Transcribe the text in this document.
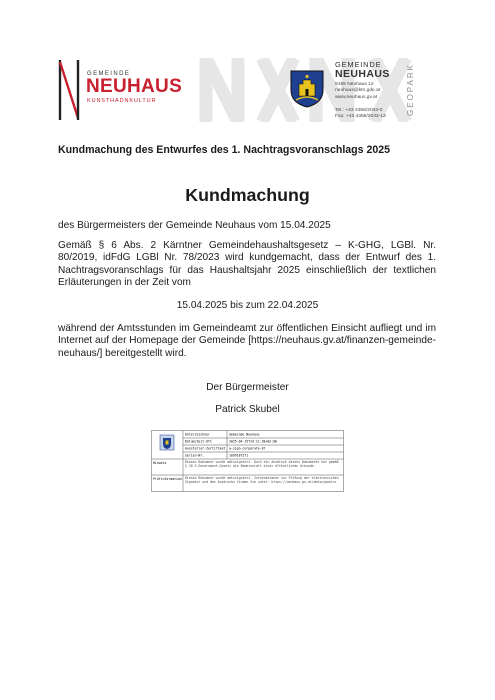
GEMEINDE
NEUHAUS
KUNSTHADNKULTUR
GEMEINDE
NEUHAUS
9155 Neuhaus 12
neuhaus@ktn.gde.at
www.neuhaus.gv.at
Tel.: +43 4356/2043-0
Fax: +43 4356/2043-13
GEOPARK
Kundmachung des Entwurfes des 1. Nachtragsvoranschlags 2025
Kundmachung
des Bürgermeisters der Gemeinde Neuhaus vom 15.04.2025
Gemäß § 6 Abs. 2 Kärntner Gemeindehaushaltsgesetz – K-GHG, LGBl. Nr. 80/2019, idFdG LGBl Nr. 78/2023 wird kundgemacht, dass der Entwurf des 1. Nachtragsvoranschlags für das Haushaltsjahr 2025 einschließlich der textlichen Erläuterungen in der Zeit vom
15.04.2025 bis zum 22.04.2025
während der Amtsstunden im Gemeindeamt zur öffentlichen Einsicht aufliegt und im Internet auf der Homepage der Gemeinde [https://neuhaus.gv.at/finanzen-gemeinde-neuhaus/] bereitgestellt wird.
Der Bürgermeister
Patrick Skubel
Unterzeichner	Gemeinde Neuhaus
Datum/Zeit-UTC	2025-04-15T14:11:38+02:00
Aussteller-Zertifikat a-sign-corporate-07
Serien-Nr.	1099187271
Hinweis	Dieses Dokument wurde amtssigniert. Auch ein Ausdruck dieses Dokuments hat gemäß § 20 E-Government-Gesetz die Beweiskraft einer öffentlichen Urkunde.
Prüfinformation Dieses Dokument wurde amtssigniert. Informationen zur Prüfung der elektronischen Signatur und des Ausdrucks finden Sie unter: https://neuhaus.gv.at/amtssignatur
